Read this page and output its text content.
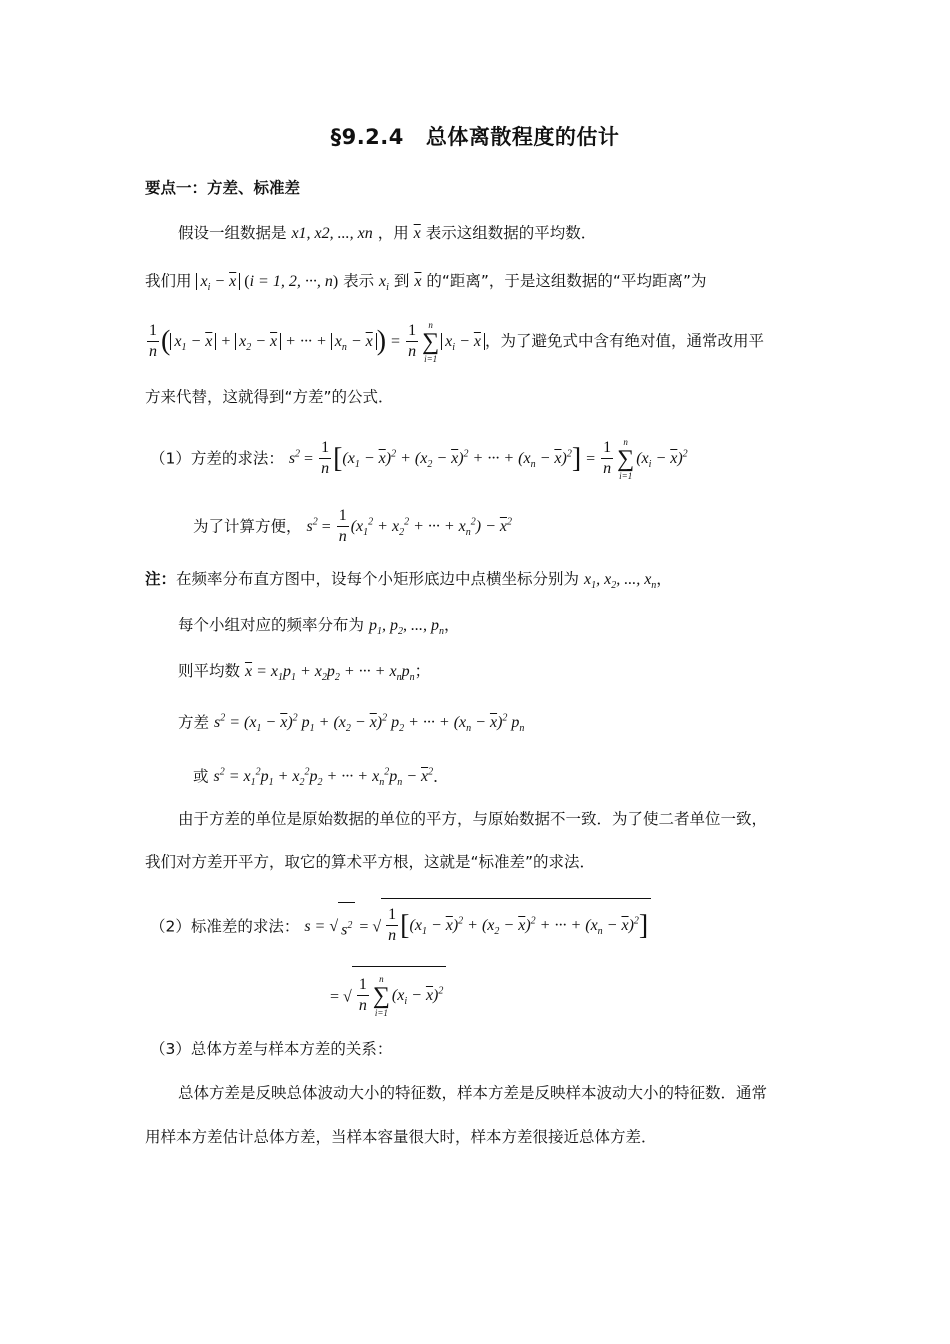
§9.2.4 总体离散程度的估计
要点一：方差、标准差
假设一组数据是 x1, x2, ..., xn ，用 $\overline{x}$ 表示这组数据的平均数．
我们用 $x_i - \overline{x}$ (i = 1, 2, ···, n) 表示 $x_i$ 到 $\overline{x}$ 的“距离”，于是这组数据的“平均距离”为
$\frac{1}{n}$ ( $x_1 - \overline{x} + x_2 - \overline{x}$ + ··· + $x_n - \overline{x}$ ) = $\frac{1}{n}$	n
∑
i=1
$x_i - \overline{x}$ ，为了避免式中含有绝对值，通常改用平
方来代替，这就得到“方差”的公式．
（1）方差的求法： $s^2 = \frac{1}{n} [(x_1 - \overline{x})^2 + (x_2 - \overline{x})^2$ + ··· + $(x_n - \overline{x})^2] = \frac{1}{n}$	n
∑
i=1
$(x_i - \overline{x})^2$
为了计算方便， $s^2 = \frac{1}{n} (x_1^2 + x_2^2$ + ··· + $x_n^2) - \overline{x}^2$
注：在频率分布直方图中，设每个小矩形底边中点横坐标分别为 $x_1$, $x_2$, ..., $x_n$，
每个小组对应的频率分布为 $p_1$, $p_2$, ..., $p_n$，
则平均数 $\overline{x} = x_1p_1 + x_2p_2$ + ··· + $x_np_n$；
方差 $s^2 = (x_1 - \overline{x})^2$ $p_1 + (x_2 - \overline{x})^2$ $p_2$ + ··· + $(x_n - \overline{x})^2$ $p_n$
或 $s^2 = x_1^2p_1 + x_2^2p_2$ + ··· + $x_n^2p_n - \overline{x}^2$．
由于方差的单位是原始数据的单位的平方，与原始数据不一致．为了使二者单位一致，
我们对方差开平方，取它的算术平方根，这就是“标准差”的求法．
（2）标准差的求法： s = √ $s^2$ = √ $\frac{1}{n} [(x_1 - \overline{x})^2 + (x_2 - \overline{x})^2$ + ··· + $(x_n - \overline{x})^2$]
= √ $\frac{1}{n}$	n
∑
i=1
$(x_i - \overline{x})^2$
（3）总体方差与样本方差的关系：
总体方差是反映总体波动大小的特征数，样本方差是反映样本波动大小的特征数．通常
用样本方差估计总体方差，当样本容量很大时，样本方差很接近总体方差．
